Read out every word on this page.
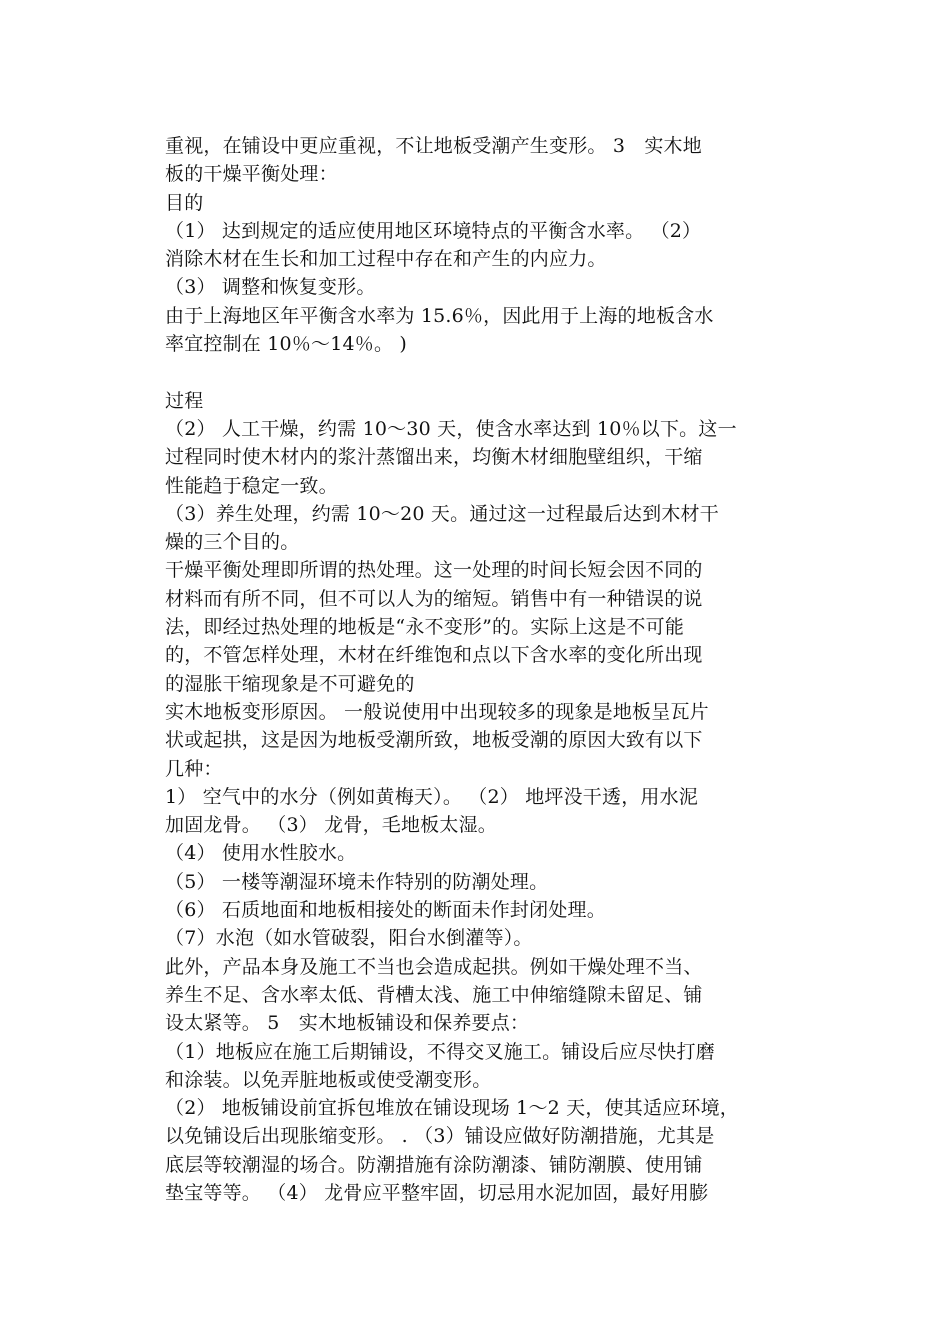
重视，在铺设中更应重视，不让地板受潮产生变形。 3　实木地
板的干燥平衡处理：
目的
（1） 达到规定的适应使用地区环境特点的平衡含水率。 （2）
消除木材在生长和加工过程中存在和产生的内应力。
（3） 调整和恢复变形。
由于上海地区年平衡含水率为 15.6％，因此用于上海的地板含水
率宜控制在 10％～14％。 )
过程
（2） 人工干燥，约需 10～30 天，使含水率达到 10％以下。这一
过程同时使木材内的浆汁蒸馏出来，均衡木材细胞壁组织，干缩
性能趋于稳定一致。
（3）养生处理，约需 10～20 天。通过这一过程最后达到木材干
燥的三个目的。
干燥平衡处理即所谓的热处理。这一处理的时间长短会因不同的
材料而有所不同，但不可以人为的缩短。销售中有一种错误的说
法，即经过热处理的地板是“永不变形”的。实际上这是不可能
的，不管怎样处理，木材在纤维饱和点以下含水率的变化所出现
的湿胀干缩现象是不可避免的
实木地板变形原因。 一般说使用中出现较多的现象是地板呈瓦片
状或起拱，这是因为地板受潮所致，地板受潮的原因大致有以下
几种：
1） 空气中的水分（例如黄梅天）。 （2） 地坪没干透，用水泥
加固龙骨。 （3） 龙骨，毛地板太湿。
（4） 使用水性胶水。
（5） 一楼等潮湿环境未作特别的防潮处理。
（6） 石质地面和地板相接处的断面未作封闭处理。
（7）水泡（如水管破裂，阳台水倒灌等）。
此外，产品本身及施工不当也会造成起拱。例如干燥处理不当、
养生不足、含水率太低、背槽太浅、施工中伸缩缝隙未留足、铺
设太紧等。 5　实木地板铺设和保养要点：
（1）地板应在施工后期铺设，不得交叉施工。铺设后应尽快打磨
和涂装。以免弄脏地板或使受潮变形。
（2） 地板铺设前宜拆包堆放在铺设现场 1～2 天，使其适应环境，
以免铺设后出现胀缩变形。 . （3）铺设应做好防潮措施，尤其是
底层等较潮湿的场合。防潮措施有涂防潮漆、铺防潮膜、使用铺
垫宝等等。 （4） 龙骨应平整牢固，切忌用水泥加固，最好用膨
